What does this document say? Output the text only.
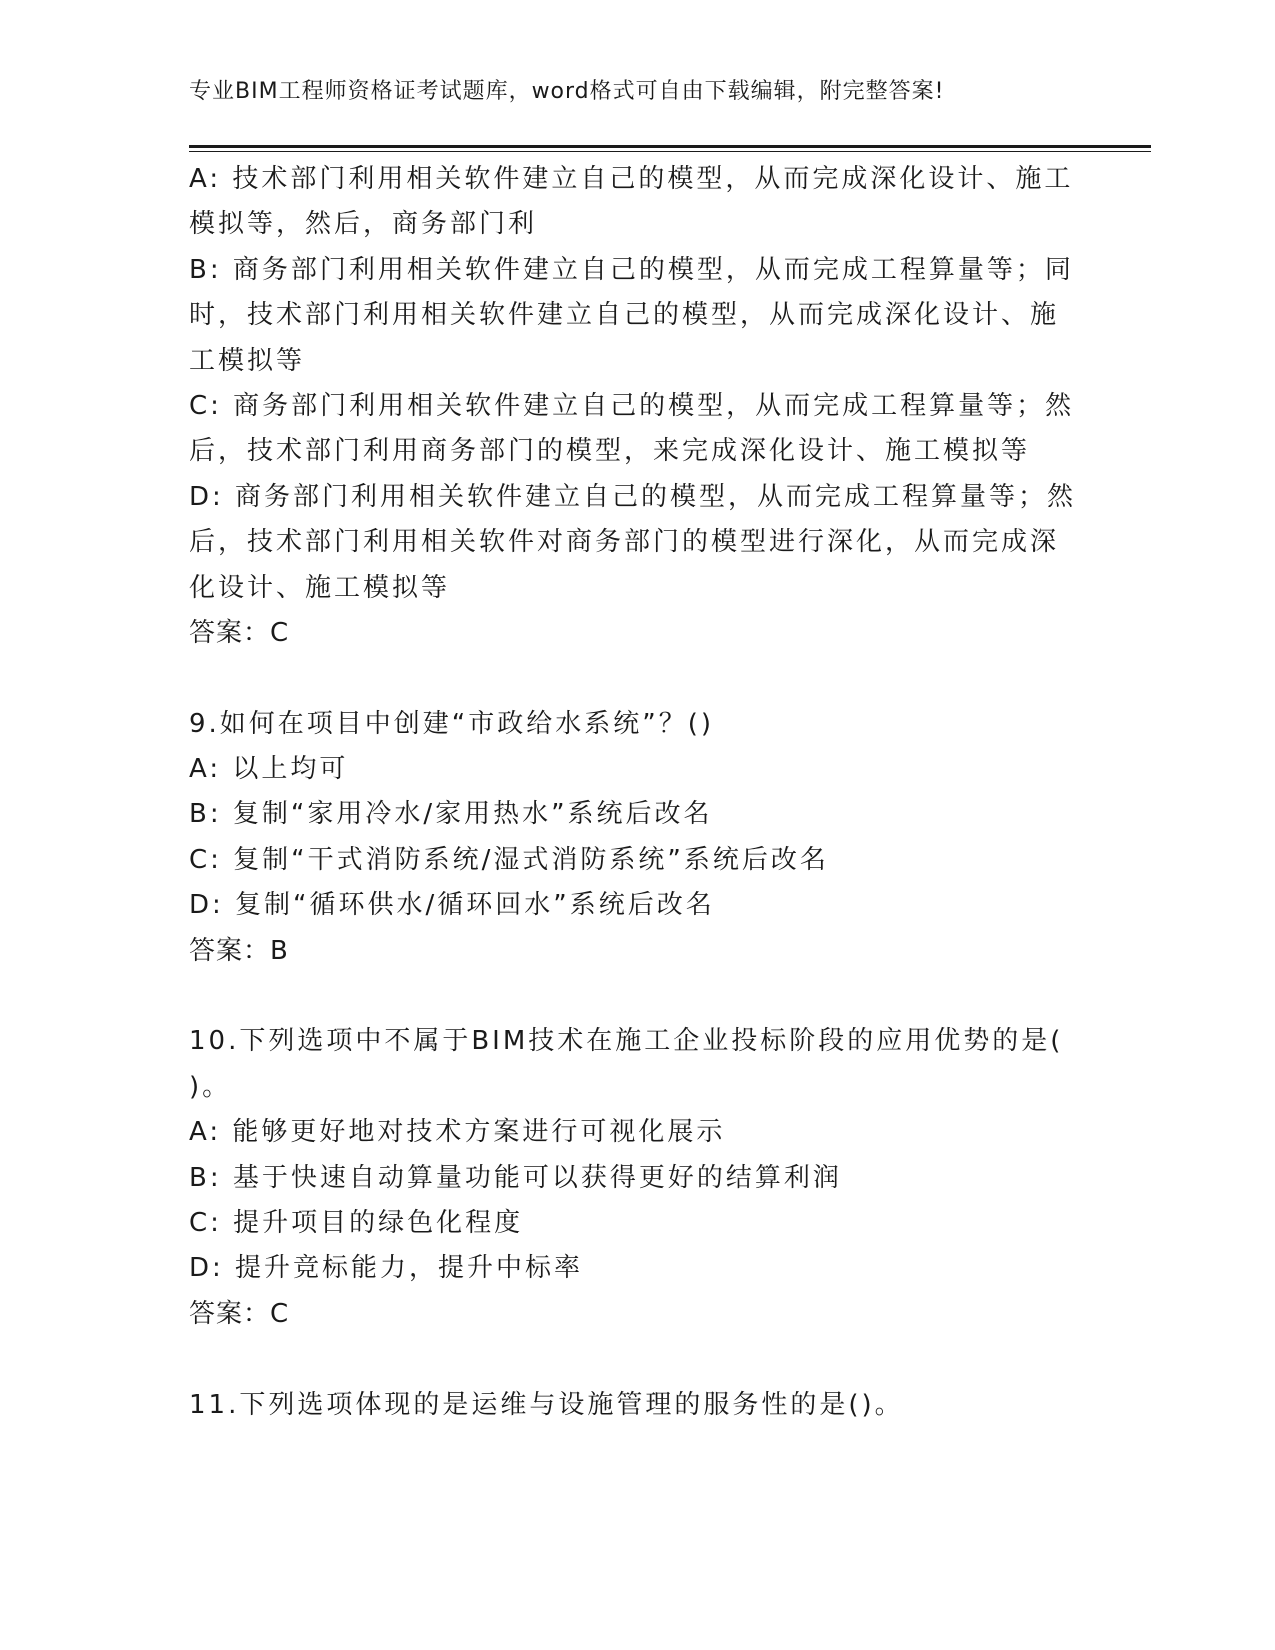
专业BIM工程师资格证考试题库，word格式可自由下载编辑，附完整答案!
A: 技术部门利用相关软件建立自己的模型，从而完成深化设计、施工
模拟等，然后，商务部门利
B: 商务部门利用相关软件建立自己的模型，从而完成工程算量等；同
时，技术部门利用相关软件建立自己的模型，从而完成深化设计、施
工模拟等
C: 商务部门利用相关软件建立自己的模型，从而完成工程算量等；然
后，技术部门利用商务部门的模型，来完成深化设计、施工模拟等
D: 商务部门利用相关软件建立自己的模型，从而完成工程算量等；然
后，技术部门利用相关软件对商务部门的模型进行深化，从而完成深
化设计、施工模拟等
答案：C
9.如何在项目中创建“市政给水系统”？()
A: 以上均可
B: 复制“家用冷水/家用热水”系统后改名
C: 复制“干式消防系统/湿式消防系统”系统后改名
D: 复制“循环供水/循环回水”系统后改名
答案：B
10.下列选项中不属于BIM技术在施工企业投标阶段的应用优势的是(
)。
A: 能够更好地对技术方案进行可视化展示
B: 基于快速自动算量功能可以获得更好的结算利润
C: 提升项目的绿色化程度
D: 提升竞标能力，提升中标率
答案：C
11.下列选项体现的是运维与设施管理的服务性的是()。
